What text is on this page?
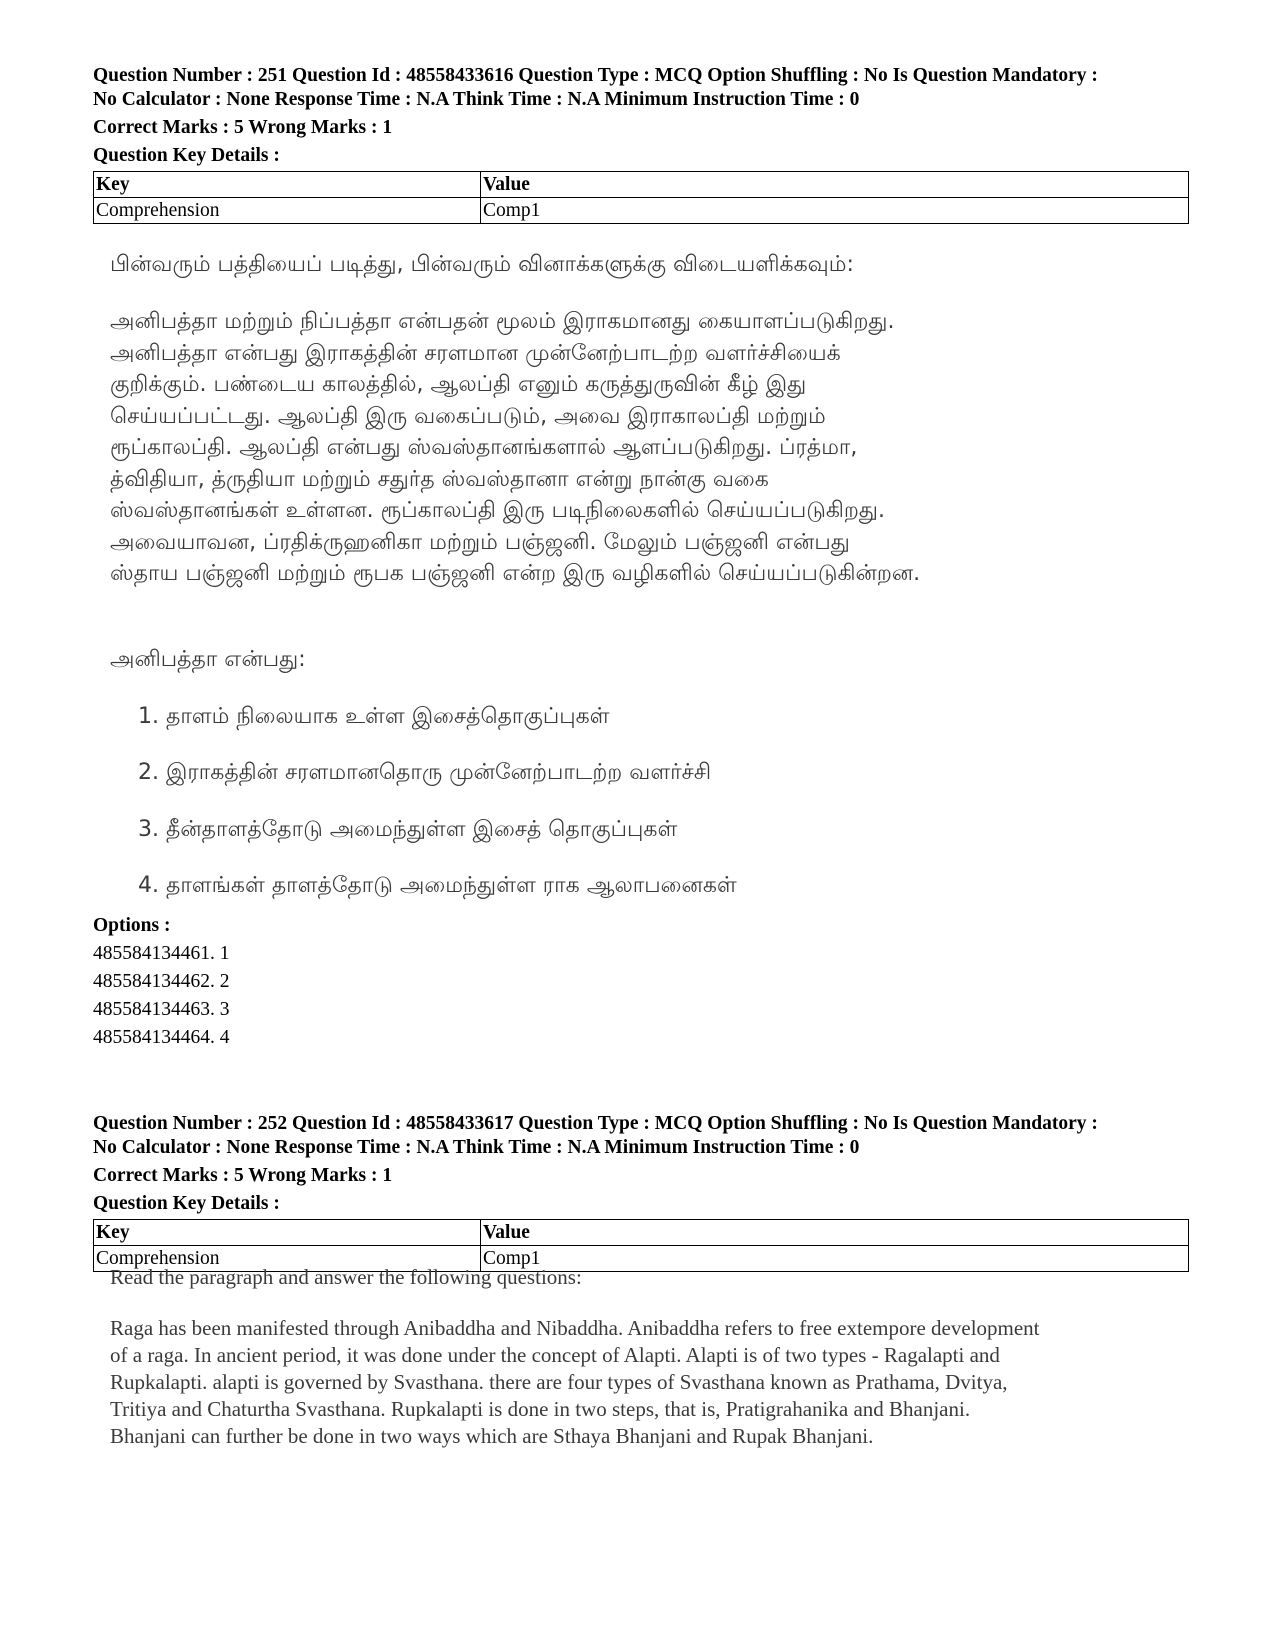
Question Number : 251 Question Id : 48558433616 Question Type : MCQ Option Shuffling : No Is Question Mandatory :

No Calculator : None Response Time : N.A Think Time : N.A Minimum Instruction Time : 0

Correct Marks : 5 Wrong Marks : 1

Question Key Details :

Key	Value
Comprehension	Comp1
பின்வரும் பத்தியைப் படித்து, பின்வரும் வினாக்களுக்கு விடையளிக்கவும்:
அனிபத்தா மற்றும் நிப்பத்தா என்பதன் மூலம் இராகமானது கையாளப்படுகிறது.
அனிபத்தா என்பது இராகத்தின் சரளமான முன்னேற்பாடற்ற வளர்ச்சியைக்
குறிக்கும். பண்டைய காலத்தில், ஆலப்தி எனும் கருத்துருவின் கீழ் இது
செய்யப்பட்டது. ஆலப்தி இரு வகைப்படும், அவை இராகாலப்தி மற்றும்
ரூப்காலப்தி. ஆலப்தி என்பது ஸ்வஸ்தானங்களால் ஆளப்படுகிறது. ப்ரத்மா,
த்விதியா, த்ருதியா மற்றும் சதுர்த ஸ்வஸ்தானா என்று நான்கு வகை
ஸ்வஸ்தானங்கள் உள்ளன. ரூப்காலப்தி இரு படிநிலைகளில் செய்யப்படுகிறது.
அவையாவன, ப்ரதிக்ருஹனிகா மற்றும் பஞ்ஜனி. மேலும் பஞ்ஜனி என்பது
ஸ்தாய பஞ்ஜனி மற்றும் ரூபக பஞ்ஜனி என்ற இரு வழிகளில் செய்யப்படுகின்றன.
அனிபத்தா என்பது:
1. தாளம் நிலையாக உள்ள இசைத்தொகுப்புகள்
2. இராகத்தின் சரளமானதொரு முன்னேற்பாடற்ற வளர்ச்சி
3. தீன்தாளத்தோடு அமைந்துள்ள இசைத் தொகுப்புகள்
4. தாளங்கள் தாளத்தோடு அமைந்துள்ள ராக ஆலாபனைகள்
Options :
485584134461. 1
485584134462. 2
485584134463. 3
485584134464. 4

Question Number : 252 Question Id : 48558433617 Question Type : MCQ Option Shuffling : No Is Question Mandatory :

No Calculator : None Response Time : N.A Think Time : N.A Minimum Instruction Time : 0

Correct Marks : 5 Wrong Marks : 1

Question Key Details :

Key	Value
Comprehension	Comp1
Read the paragraph and answer the following questions:
Raga has been manifested through Anibaddha and Nibaddha. Anibaddha refers to free extempore development
of a raga. In ancient period, it was done under the concept of Alapti. Alapti is of two types - Ragalapti and
Rupkalapti. alapti is governed by Svasthana. there are four types of Svasthana known as Prathama, Dvitya,
Tritiya and Chaturtha Svasthana. Rupkalapti is done in two steps, that is, Pratigrahanika and Bhanjani.
Bhanjani can further be done in two ways which are Sthaya Bhanjani and Rupak Bhanjani.
